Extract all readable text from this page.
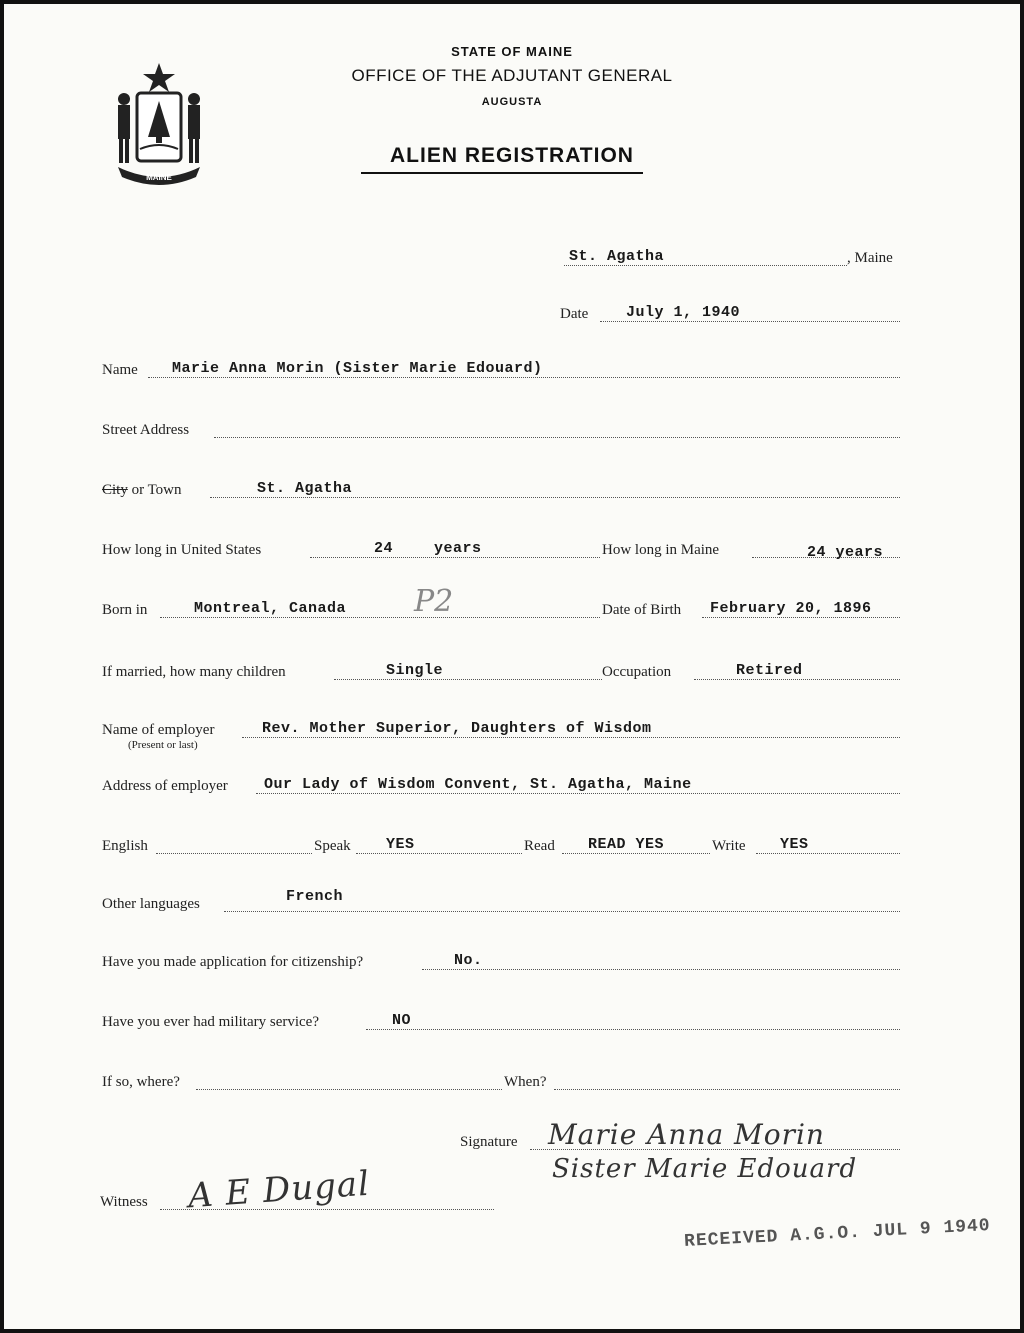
MAINE
STATE OF MAINE
OFFICE OF THE ADJUTANT GENERAL
AUGUSTA
ALIEN REGISTRATION
St. Agatha	, Maine
Date	July 1, 1940
Name Marie Anna Morin (Sister Marie Edouard)
Street Address
City or Town	St. Agatha
How long in United States	24	years	How long in Maine	24 years
Born in	Montreal, Canada P2	Date of Birth February 20, 1896
If married, how many children	Single	Occupation	Retired
Name of employer
(Present or last)
Rev. Mother Superior, Daughters of Wisdom
Address of employer Our Lady of Wisdom Convent, St. Agatha, Maine
English	Speak YES	Read READ YES	Write YES
Other languages	French
Have you made application for citizenship?	No.
Have you ever had military service?	NO
If so, where?	When?
Signature Marie Anna Morin
Sister Marie Edouard
Witness A E Dugal
RECEIVED A.G.O. JUL 9 1940
